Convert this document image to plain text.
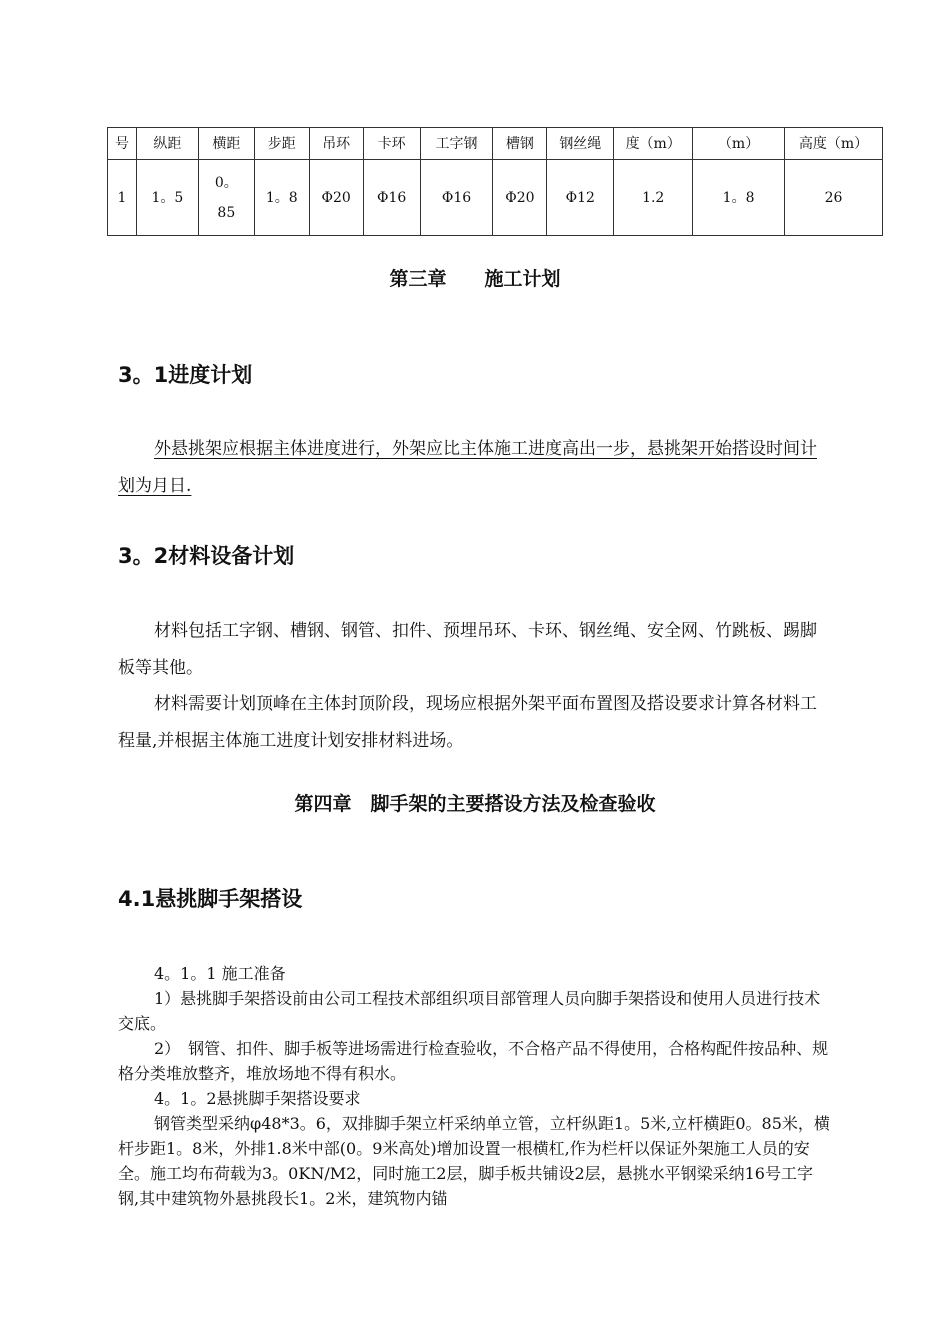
号	纵距	横距	步距	吊环	卡环	工字钢	槽钢	钢丝绳	度（m）	（m）	高度（m）
1	1。5	0。85	1。8	Φ20	Φ16	Φ16	Φ20	Φ12	1.2	1。8	26
第三章　　施工计划
3。1进度计划

外悬挑架应根据主体进度进行，外架应比主体施工进度高出一步，悬挑架开始搭设时间计划为月日.

3。2材料设备计划

材料包括工字钢、槽钢、钢管、扣件、预埋吊环、卡环、钢丝绳、安全网、竹跳板、踢脚板等其他。

材料需要计划顶峰在主体封顶阶段，现场应根据外架平面布置图及搭设要求计算各材料工程量,并根据主体施工进度计划安排材料进场。

第四章　脚手架的主要搭设方法及检查验收
4.1悬挑脚手架搭设

4。1。1 施工准备

1）悬挑脚手架搭设前由公司工程技术部组织项目部管理人员向脚手架搭设和使用人员进行技术交底。

2）　钢管、扣件、脚手板等进场需进行检查验收，不合格产品不得使用，合格构配件按品种、规格分类堆放整齐，堆放场地不得有积水。

4。1。2悬挑脚手架搭设要求

钢管类型采纳φ48*3。6，双排脚手架立杆采纳单立管，立杆纵距1。5米,立杆横距0。85米，横杆步距1。8米，外排1.8米中部(0。9米高处)增加设置一根横杠,作为栏杆以保证外架施工人员的安全。施工均布荷载为3。0KN/M2，同时施工2层，脚手板共铺设2层，悬挑水平钢梁采纳16号工字钢,其中建筑物外悬挑段长1。2米，建筑物内锚
